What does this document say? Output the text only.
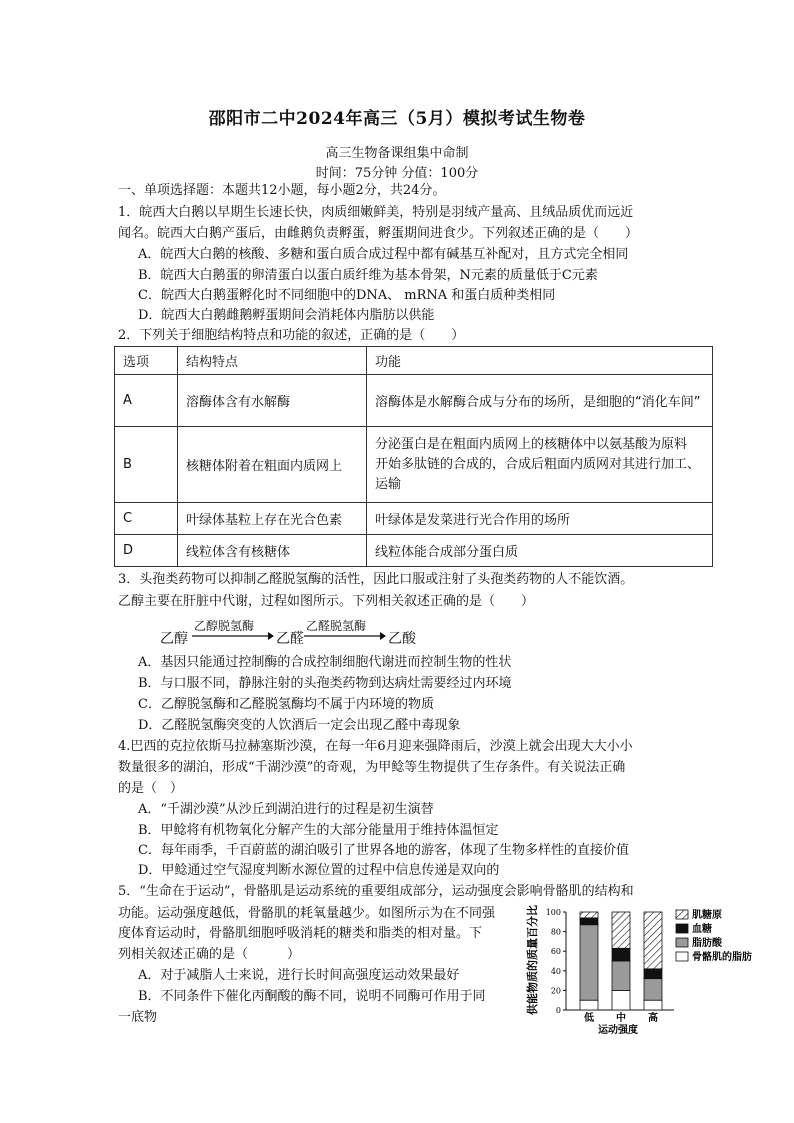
邵阳市二中2024年高三（5月）模拟考试生物卷
高三生物备课组集中命制
时间：75分钟 分值：100分
一、单项选择题：本题共12小题，每小题2分，共24分。
1．皖西大白鹅以早期生长速长快，肉质细嫩鲜美，特别是羽绒产量高、且绒品质优而远近
闻名。皖西大白鹅产蛋后，由雌鹅负责孵蛋，孵蛋期间进食少。下列叙述正确的是（　　）
A．皖西大白鹅的核酸、多糖和蛋白质合成过程中都有碱基互补配对，且方式完全相同
B．皖西大白鹅蛋的卵清蛋白以蛋白质纤维为基本骨架，N元素的质量低于C元素
C．皖西大白鹅蛋孵化时不同细胞中的DNA、 mRNA 和蛋白质种类相同
D．皖西大白鹅雌鹅孵蛋期间会消耗体内脂肪以供能
2．下列关于细胞结构特点和功能的叙述，正确的是（　　）
选项	结构特点	功能
A	溶酶体含有水解酶	溶酶体是水解酶合成与分布的场所，是细胞的“消化车间”
B	核糖体附着在粗面内质网上	分泌蛋白是在粗面内质网上的核糖体中以氨基酸为原料
开始多肽链的合成的，合成后粗面内质网对其进行加工、
运输

C	叶绿体基粒上存在光合色素	叶绿体是发菜进行光合作用的场所
D	线粒体含有核糖体	线粒体能合成部分蛋白质
3．头孢类药物可以抑制乙醛脱氢酶的活性，因此口服或注射了头孢类药物的人不能饮酒。
乙醇主要在肝脏中代谢，过程如图所示。下列相关叙述正确的是（　　）
乙醇
乙醇脱氢酶
乙醛
乙醛脱氢酶
乙酸
A．基因只能通过控制酶的合成控制细胞代谢进而控制生物的性状
B．与口服不同，静脉注射的头孢类药物到达病灶需要经过内环境
C．乙醇脱氢酶和乙醛脱氢酶均不属于内环境的物质
D．乙醛脱氢酶突变的人饮酒后一定会出现乙醛中毒现象
4.巴西的克拉依斯马拉赫塞斯沙漠，在每一年6月迎来强降雨后，沙漠上就会出现大大小小
数量很多的湖泊，形成“千湖沙漠”的奇观，为甲鲶等生物提供了生存条件。有关说法正确
的是（　）
A．“千湖沙漠”从沙丘到湖泊进行的过程是初生演替
B．甲鲶将有机物氧化分解产生的大部分能量用于维持体温恒定
C．每年雨季，千百蔚蓝的湖泊吸引了世界各地的游客，体现了生物多样性的直接价值
D．甲鲶通过空气湿度判断水源位置的过程中信息传递是双向的
5．“生命在于运动”，骨骼肌是运动系统的重要组成部分，运动强度会影响骨骼肌的结构和
功能。运动强度越低，骨骼肌的耗氧量越少。如图所示为在不同强
度体育运动时，骨骼肌细胞呼吸消耗的糖类和脂类的相对量。下
列相关叙述正确的是（　　　）
A．对于减脂人士来说，进行长时间高强度运动效果最好
B．不同条件下催化丙酮酸的酶不同，说明不同酶可作用于同
一底物
供能物质的质量百分比 0
20
40
60
80
100
低 中 高
运动强度
肌糖原
血糖
脂肪酸
骨骼肌的脂肪
